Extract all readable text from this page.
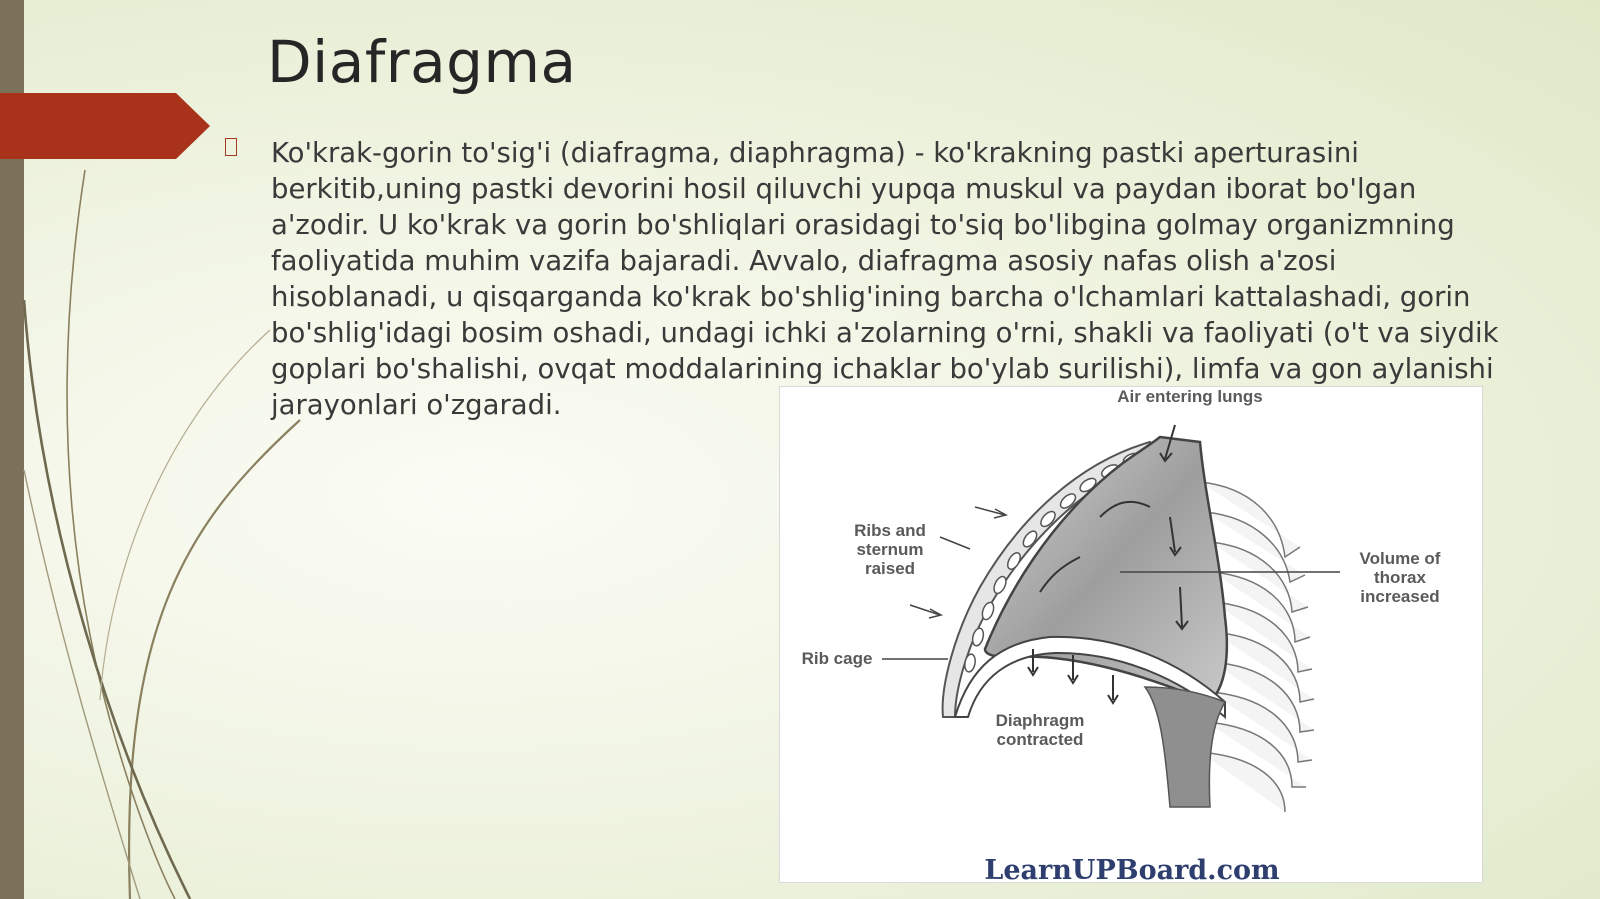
Diafragma

Ko'krak-gorin to'sig'i (diafragma, diaphragma) - ko'krakning pastki aperturasini berkitib,uning pastki devorini hosil qiluvchi yupqa muskul va paydan iborat bo'lgan a'zodir. U ko'krak va gorin bo'shliqlari orasidagi to'siq bo'libgina golmay organizmning faoliyatida muhim vazifa bajaradi. Avvalo, diafragma asosiy nafas olish a'zosi hisoblanadi, u qisqarganda ko'krak bo'shlig'ining barcha o'lchamlari kattalashadi, gorin bo'shlig'idagi bosim oshadi, undagi ichki a'zolarning o'rni, shakli va faoliyati (o't va siydik goplari bo'shalishi, ovqat moddalarining ichaklar bo'ylab surilishi), limfa va gon aylanishi jarayonlari o'zgaradi.	Air entering lungs
Ribs and
sternum
raised
Volume of
thorax
increased
Rib cage
Diaphragm
contracted
LearnUPBoard.com
